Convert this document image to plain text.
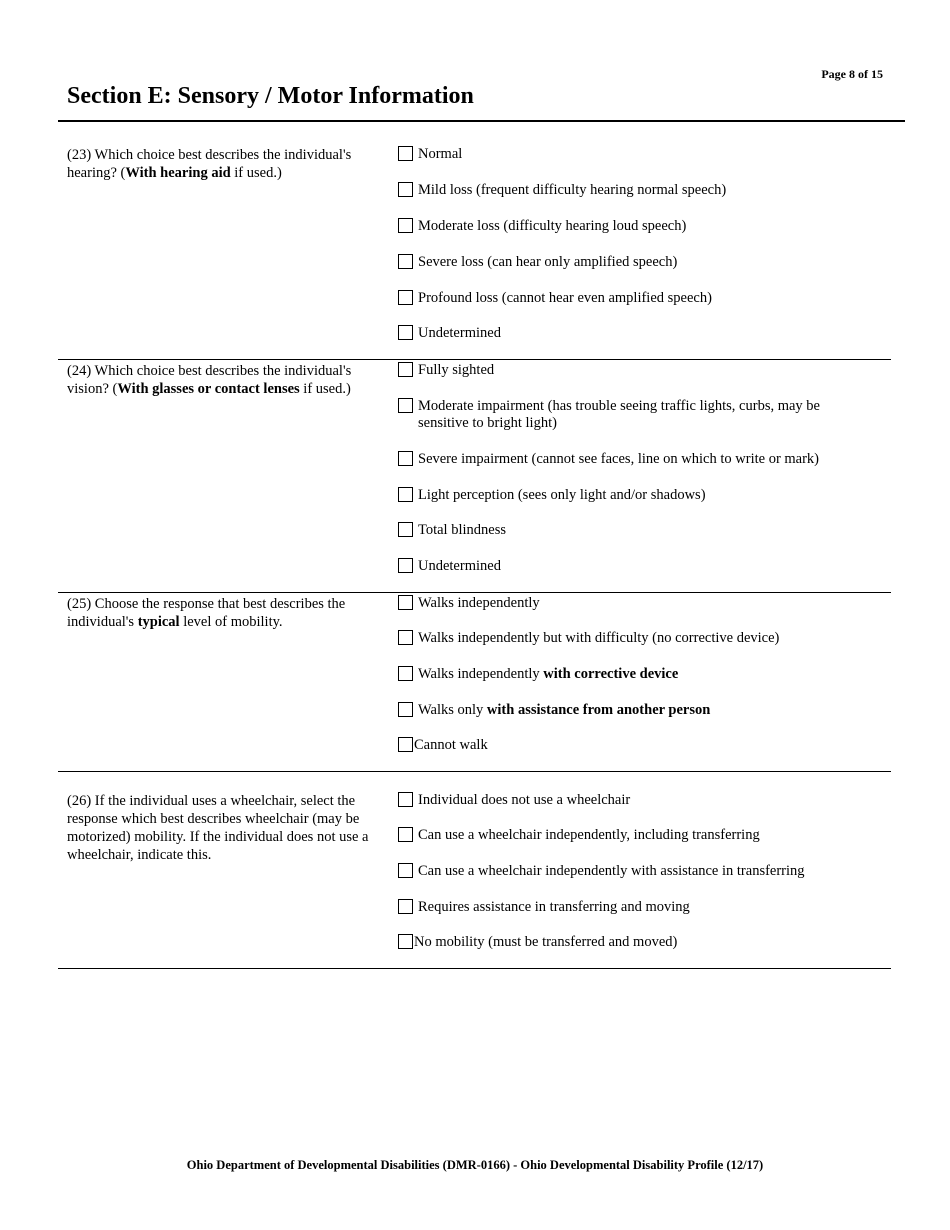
Page 8 of 15
Section E: Sensory / Motor Information
(23) Which choice best describes the individual's hearing? (With hearing aid if used.)
Normal
Mild loss (frequent difficulty hearing normal speech)
Moderate loss (difficulty hearing loud speech)
Severe loss (can hear only amplified speech)
Profound loss (cannot hear even amplified speech)
Undetermined
(24) Which choice best describes the individual's vision? (With glasses or contact lenses if used.)
Fully sighted
Moderate impairment (has trouble seeing traffic lights, curbs, may be sensitive to bright light)
Severe impairment (cannot see faces, line on which to write or mark)
Light perception (sees only light and/or shadows)
Total blindness
Undetermined
(25) Choose the response that best describes the individual's typical level of mobility.
Walks independently
Walks independently but with difficulty (no corrective device)
Walks independently with corrective device
Walks only with assistance from another person
Cannot walk
(26) If the individual uses a wheelchair, select the response which best describes wheelchair (may be motorized) mobility. If the individual does not use a wheelchair, indicate this.
Individual does not use a wheelchair
Can use a wheelchair independently, including transferring
Can use a wheelchair independently with assistance in transferring
Requires assistance in transferring and moving
No mobility (must be transferred and moved)
Ohio Department of Developmental Disabilities (DMR-0166) - Ohio Developmental Disability Profile (12/17)
